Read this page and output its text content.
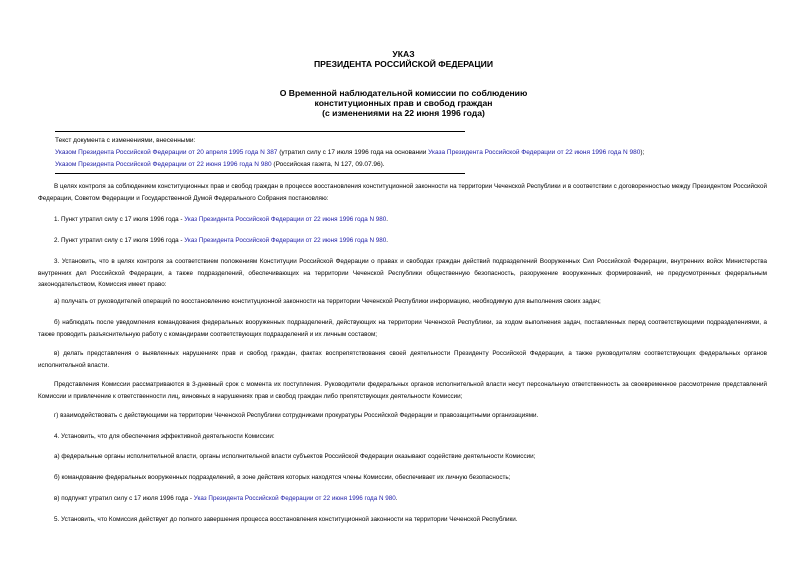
УКАЗ
ПРЕЗИДЕНТА РОССИЙСКОЙ ФЕДЕРАЦИИ
О Временной наблюдательной комиссии по соблюдению
конституционных прав и свобод граждан
(с изменениями на 22 июня 1996 года)
Текст документа с изменениями, внесенными:
Указом Президента Российской Федерации от 20 апреля 1995 года N 387 (утратил силу с 17 июля 1996 года на основании Указа Президента Российской Федерации от 22 июня 1996 года N 980);
Указом Президента Российской Федерации от 22 июня 1996 года N 980 (Российская газета, N 127, 09.07.96).
В целях контроля за соблюдением конституционных прав и свобод граждан в процессе восстановления конституционной законности на территории Чеченской Республики и в соответствии с договоренностью между Президентом Российской Федерации, Советом Федерации и Государственной Думой Федерального Собрания постановляю:
1. Пункт утратил силу с 17 июля 1996 года - Указ Президента Российской Федерации от 22 июня 1996 года N 980.
2. Пункт утратил силу с 17 июля 1996 года - Указ Президента Российской Федерации от 22 июня 1996 года N 980.
3. Установить, что в целях контроля за соответствием положениям Конституции Российской Федерации о правах и свободах граждан действий подразделений Вооруженных Сил Российской Федерации, внутренних войск Министерства внутренних дел Российской Федерации, а также подразделений, обеспечивающих на территории Чеченской Республики общественную безопасность, разоружение вооруженных формирований, не предусмотренных федеральным законодательством, Комиссия имеет право:
а) получать от руководителей операций по восстановлению конституционной законности на территории Чеченской Республики информацию, необходимую для выполнения своих задач;
б) наблюдать после уведомления командования федеральных вооруженных подразделений, действующих на территории Чеченской Республики, за ходом выполнения задач, поставленных перед соответствующими подразделениями, а также проводить разъяснительную работу с командирами соответствующих подразделений и их личным составом;
в) делать представления о выявленных нарушениях прав и свобод граждан, фактах воспрепятствования своей деятельности Президенту Российской Федерации, а также руководителям соответствующих федеральных органов исполнительной власти.
Представления Комиссии рассматриваются в 3-дневный срок с момента их поступления. Руководители федеральных органов исполнительной власти несут персональную ответственность за своевременное рассмотрение представлений Комиссии и привлечение к ответственности лиц, виновных в нарушениях прав и свобод граждан либо препятствующих деятельности Комиссии;
г) взаимодействовать с действующими на территории Чеченской Республики сотрудниками прокуратуры Российской Федерации и правозащитными организациями.
4. Установить, что для обеспечения эффективной деятельности Комиссии:
а) федеральные органы исполнительной власти, органы исполнительной власти субъектов Российской Федерации оказывают содействие деятельности Комиссии;
б) командование федеральных вооруженных подразделений, в зоне действия которых находятся члены Комиссии, обеспечивает их личную безопасность;
в) подпункт утратил силу с 17 июля 1996 года - Указ Президента Российской Федерации от 22 июня 1996 года N 980.
5. Установить, что Комиссия действует до полного завершения процесса восстановления конституционной законности на территории Чеченской Республики.
